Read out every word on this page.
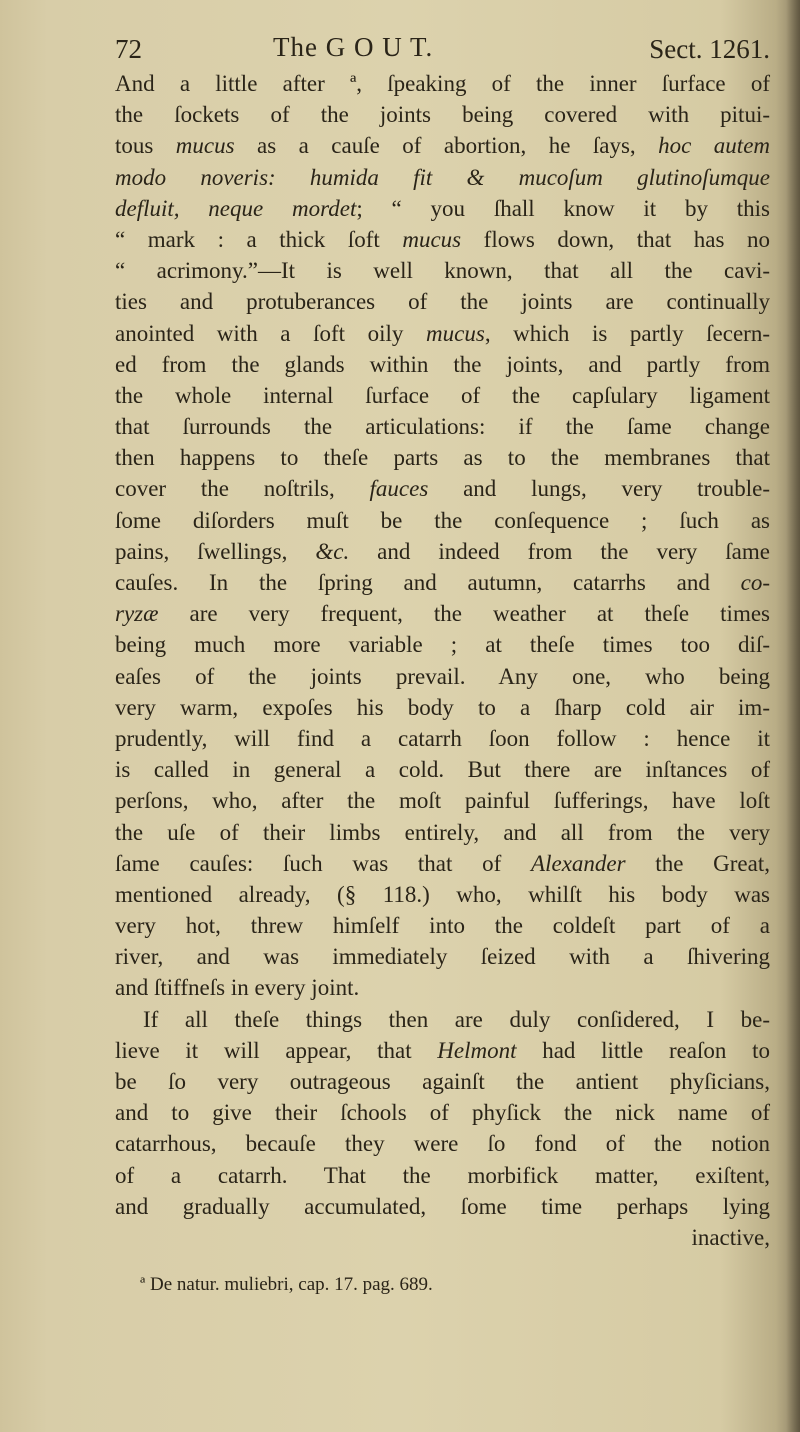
72	The G O U T.	Sect. 1261.
And a little after ª, ſpeaking of the inner ſurface of
the ſockets of the joints being covered with pitui-
tous mucus as a cauſe of abortion, he ſays, hoc autem
modo noveris: humida fit & mucoſum glutinoſumque
defluit, neque mordet; “ you ſhall know it by this
“ mark : a thick ſoft mucus flows down, that has no
“ acrimony.”—It is well known, that all the cavi-
ties and protuberances of the joints are continually
anointed with a ſoft oily mucus, which is partly ſecern-
ed from the glands within the joints, and partly from
the whole internal ſurface of the capſulary ligament
that ſurrounds the articulations: if the ſame change
then happens to theſe parts as to the membranes that
cover the noſtrils, fauces and lungs, very trouble-
ſome diſorders muſt be the conſequence ; ſuch as
pains, ſwellings, &c. and indeed from the very ſame
cauſes. In the ſpring and autumn, catarrhs and co-
ryzæ are very frequent, the weather at theſe times
being much more variable ; at theſe times too diſ-
eaſes of the joints prevail. Any one, who being
very warm, expoſes his body to a ſharp cold air im-
prudently, will find a catarrh ſoon follow : hence it
is called in general a cold. But there are inſtances of
perſons, who, after the moſt painful ſufferings, have loſt
the uſe of their limbs entirely, and all from the very
ſame cauſes: ſuch was that of Alexander the Great,
mentioned already, (§ 118.) who, whilſt his body was
very hot, threw himſelf into the coldeſt part of a
river, and was immediately ſeized with a ſhivering
and ſtiffneſs in every joint.
If all theſe things then are duly conſidered, I be-
lieve it will appear, that Helmont had little reaſon to
be ſo very outrageous againſt the antient phyſicians,
and to give their ſchools of phyſick the nick name of
catarrhous, becauſe they were ſo fond of the notion
of a catarrh. That the morbifick matter, exiſtent,
and gradually accumulated, ſome time perhaps lying
inactive,
ª De natur. muliebri, cap. 17. pag. 689.
